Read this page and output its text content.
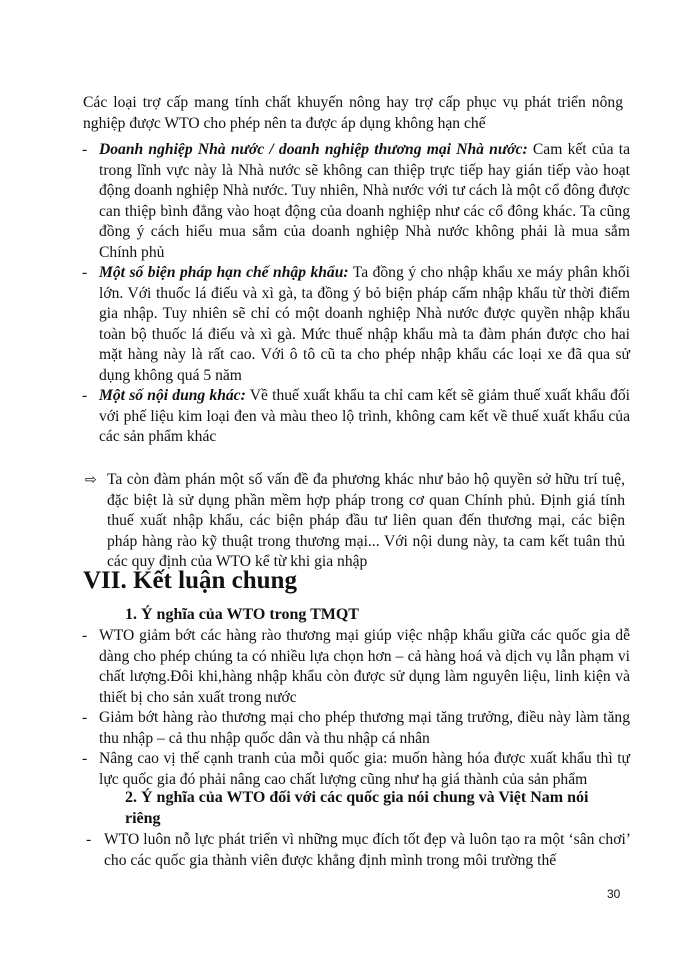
Các loại trợ cấp mang tính chất khuyến nông hay trợ cấp phục vụ phát triển nông nghiệp được WTO cho phép nên ta được áp dụng không hạn chế

- Doanh nghiệp Nhà nước / doanh nghiệp thương mại Nhà nước: Cam kết của ta trong lĩnh vực này là Nhà nước sẽ không can thiệp trực tiếp hay gián tiếp vào hoạt động doanh nghiệp Nhà nước. Tuy nhiên, Nhà nước với tư cách là một cổ đông được can thiệp bình đẳng vào hoạt động của doanh nghiệp như các cổ đông khác. Ta cũng đồng ý cách hiểu mua sắm của doanh nghiệp Nhà nước không phải là mua sắm Chính phủ
- Một số biện pháp hạn chế nhập khẩu: Ta đồng ý cho nhập khẩu xe máy phân khối lớn. Với thuốc lá điếu và xì gà, ta đồng ý bỏ biện pháp cấm nhập khẩu từ thời điểm gia nhập. Tuy nhiên sẽ chỉ có một doanh nghiệp Nhà nước được quyền nhập khẩu toàn bộ thuốc lá điếu và xì gà. Mức thuế nhập khẩu mà ta đàm phán được cho hai mặt hàng này là rất cao. Với ô tô cũ ta cho phép nhập khẩu các loại xe đã qua sử dụng không quá 5 năm
- Một số nội dung khác: Về thuế xuất khẩu ta chỉ cam kết sẽ giảm thuế xuất khẩu đối với phế liệu kim loại đen và màu theo lộ trình, không cam kết về thuế xuất khẩu của các sản phẩm khác
⇨ Ta còn đàm phán một số vấn đề đa phương khác như bảo hộ quyền sở hữu trí tuệ, đặc biệt là sử dụng phần mềm hợp pháp trong cơ quan Chính phủ. Định giá tính thuế xuất nhập khẩu, các biện pháp đầu tư liên quan đến thương mại, các biện pháp hàng rào kỹ thuật trong thương mại... Với nội dung này, ta cam kết tuân thủ các quy định của WTO kể từ khi gia nhập
VII. Kết luận chung
1. Ý nghĩa của WTO trong TMQT
- WTO giảm bớt các hàng rào thương mại giúp việc nhập khẩu giữa các quốc gia dễ dàng cho phép chúng ta có nhiều lựa chọn hơn – cả hàng hoá và dịch vụ lẫn phạm vi chất lượng.Đôi khi,hàng nhập khẩu còn được sử dụng làm nguyên liệu, linh kiện và thiết bị cho sản xuất trong nước
- Giảm bớt hàng rào thương mại cho phép thương mại tăng trưởng, điều này làm tăng thu nhập – cả thu nhập quốc dân và thu nhập cá nhân
- Nâng cao vị thế cạnh tranh của mỗi quốc gia: muốn hàng hóa được xuất khẩu thì tự lực quốc gia đó phải nâng cao chất lượng cũng như hạ giá thành của sản phẩm
2. Ý nghĩa của WTO đối với các quốc gia nói chung và Việt Nam nói riêng
- WTO luôn nỗ lực phát triển vì những mục đích tốt đẹp và luôn tạo ra một ‘sân chơi’ cho các quốc gia thành viên được khẳng định mình trong môi trường thế

30
